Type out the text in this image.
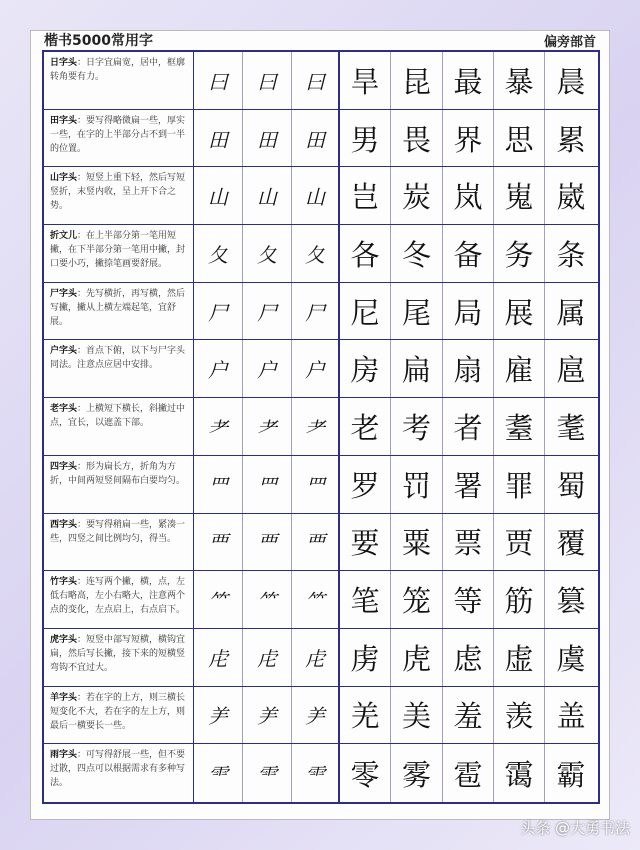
楷书5000常用字	偏旁部首
日字头：日字宜扁宽，居中，框廓转角要有力。	曰	曰	曰 旱 昆 最 暴 晨
田字头：要写得略微扁一些，厚实一些，在字的上半部分占不到一半的位置。	田	田	田 男 畏 界 思 累
山字头：短竖上重下轻，然后写短竖折，末竖内收，呈上开下合之势。	山	山	山 岂 炭 岚 嵬 崴
折文儿：在上半部分第一笔用短撇，在下半部分第一笔用中撇，封口要小巧，撇捺笔画要舒展。	夂	夂	夂 各 冬 备 务 条
尸字头：先写横折，再写横，然后写撇，撇从上横左端起笔，宜舒展。	尸	尸	尸 尼 尾 局 展 属
户字头：首点下俯，以下与尸字头同法。注意点应居中安排。	户	户	户 房 扁 扇 雇 扈
老字头：上横短下横长，斜撇过中点，宜长，以遮盖下部。	耂	耂	耂 老 考 者 耋 耄
四字头：形为扁长方，折角为方折，中间两短竖间隔布白要均匀。	罒	罒	罒 罗 罚 署 罪 蜀
西字头：要写得稍扁一些，紧凑一些，四竖之间比例均匀，得当。	覀	覀	覀 要 粟 票 贾 覆
竹字头：连写两个撇，横，点，左低右略高，左小右略大，注意两个点的变化，左点启上，右点启下。	⺮	⺮	⺮ 笔 笼 等 筋 篡
虎字头：短竖中部写短横，横钩宜扁，然后写长撇，接下来的短横竖弯钩不宜过大。	虍	虍	虍 虏 虎 虑 虚 虞
羊字头：若在字的上方，则三横长短变化不大，若在字的左上方，则最后一横要长一些。	⺶	⺶	⺶ 羌 美 羞 羡 盖
雨字头：可写得舒展一些，但不要过散，四点可以根据需求有多种写法。	⻗	⻗	⻗ 零 雾 雹 霭 霸
头条 @大勇书法
